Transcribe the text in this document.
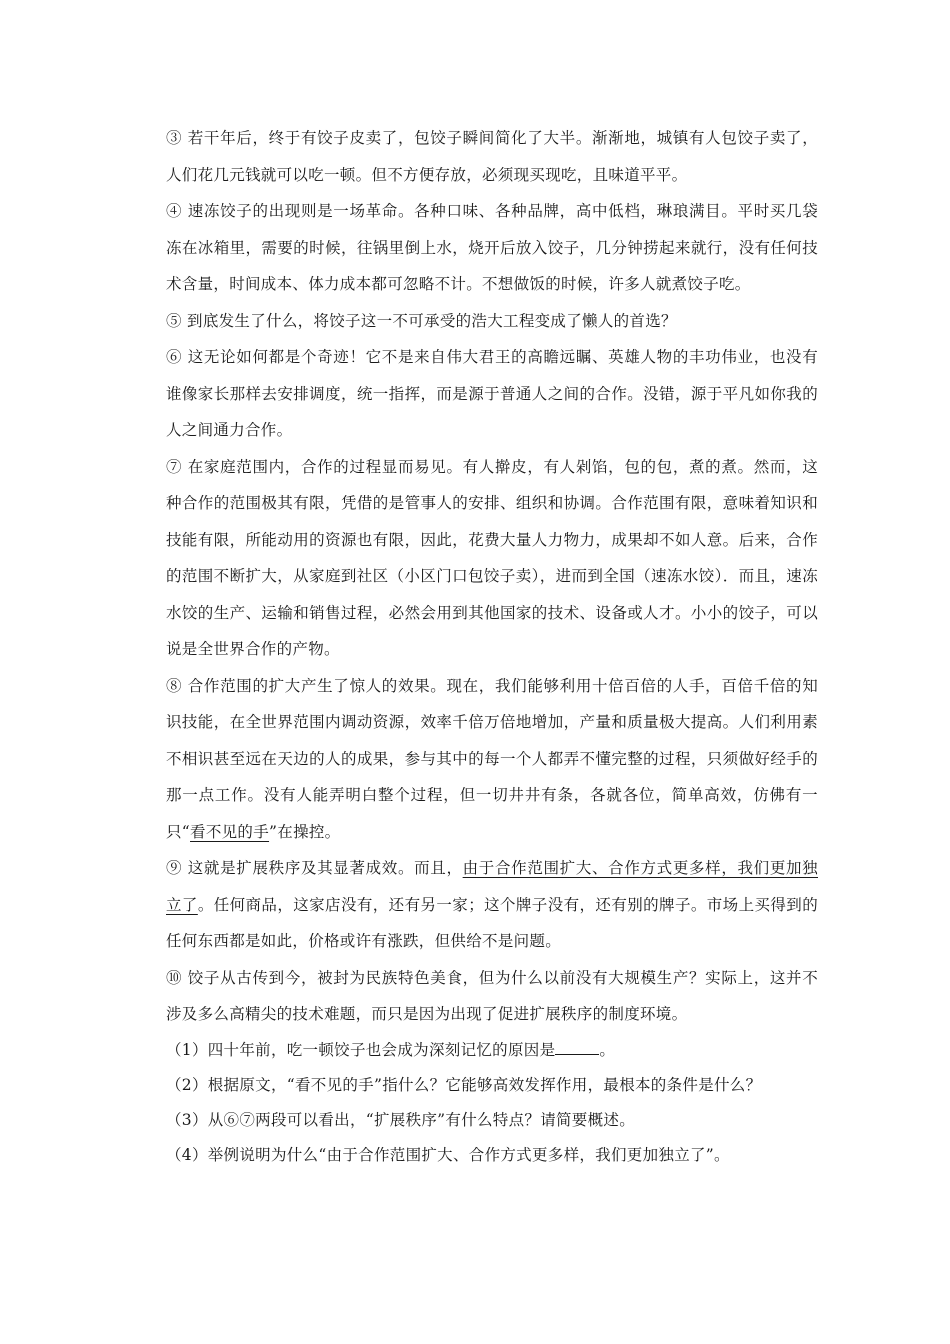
③ 若干年后，终于有饺子皮卖了，包饺子瞬间简化了大半。渐渐地，城镇有人包饺子卖了，人们花几元钱就可以吃一顿。但不方便存放，必须现买现吃，且味道平平。

④ 速冻饺子的出现则是一场革命。各种口味、各种品牌，高中低档，琳琅满目。平时买几袋冻在冰箱里，需要的时候，往锅里倒上水，烧开后放入饺子，几分钟捞起来就行，没有任何技术含量，时间成本、体力成本都可忽略不计。不想做饭的时候，许多人就煮饺子吃。

⑤ 到底发生了什么，将饺子这一不可承受的浩大工程变成了懒人的首选？

⑥ 这无论如何都是个奇迹！它不是来自伟大君王的高瞻远瞩、英雄人物的丰功伟业，也没有谁像家长那样去安排调度，统一指挥，而是源于普通人之间的合作。没错，源于平凡如你我的人之间通力合作。

⑦ 在家庭范围内，合作的过程显而易见。有人擀皮，有人剁馅，包的包，煮的煮。然而，这种合作的范围极其有限，凭借的是管事人的安排、组织和协调。合作范围有限，意味着知识和技能有限，所能动用的资源也有限，因此，花费大量人力物力，成果却不如人意。后来，合作的范围不断扩大，从家庭到社区（小区门口包饺子卖），进而到全国（速冻水饺）．而且，速冻水饺的生产、运输和销售过程，必然会用到其他国家的技术、设备或人才。小小的饺子，可以说是全世界合作的产物。

⑧ 合作范围的扩大产生了惊人的效果。现在，我们能够利用十倍百倍的人手，百倍千倍的知识技能，在全世界范围内调动资源，效率千倍万倍地增加，产量和质量极大提高。人们利用素不相识甚至远在天边的人的成果，参与其中的每一个人都弄不懂完整的过程，只须做好经手的那一点工作。没有人能弄明白整个过程，但一切井井有条，各就各位，简单高效，仿佛有一只“看不见的手”在操控。

⑨ 这就是扩展秩序及其显著成效。而且，由于合作范围扩大、合作方式更多样，我们更加独立了。任何商品，这家店没有，还有另一家；这个牌子没有，还有别的牌子。市场上买得到的任何东西都是如此，价格或许有涨跌，但供给不是问题。

⑩ 饺子从古传到今，被封为民族特色美食，但为什么以前没有大规模生产？实际上，这并不涉及多么高精尖的技术难题，而只是因为出现了促进扩展秩序的制度环境。

（1）四十年前，吃一顿饺子也会成为深刻记忆的原因是	。

（2）根据原文，“看不见的手”指什么？它能够高效发挥作用，最根本的条件是什么？

（3）从⑥⑦两段可以看出，“扩展秩序”有什么特点？请简要概述。

（4）举例说明为什么“由于合作范围扩大、合作方式更多样，我们更加独立了”。
